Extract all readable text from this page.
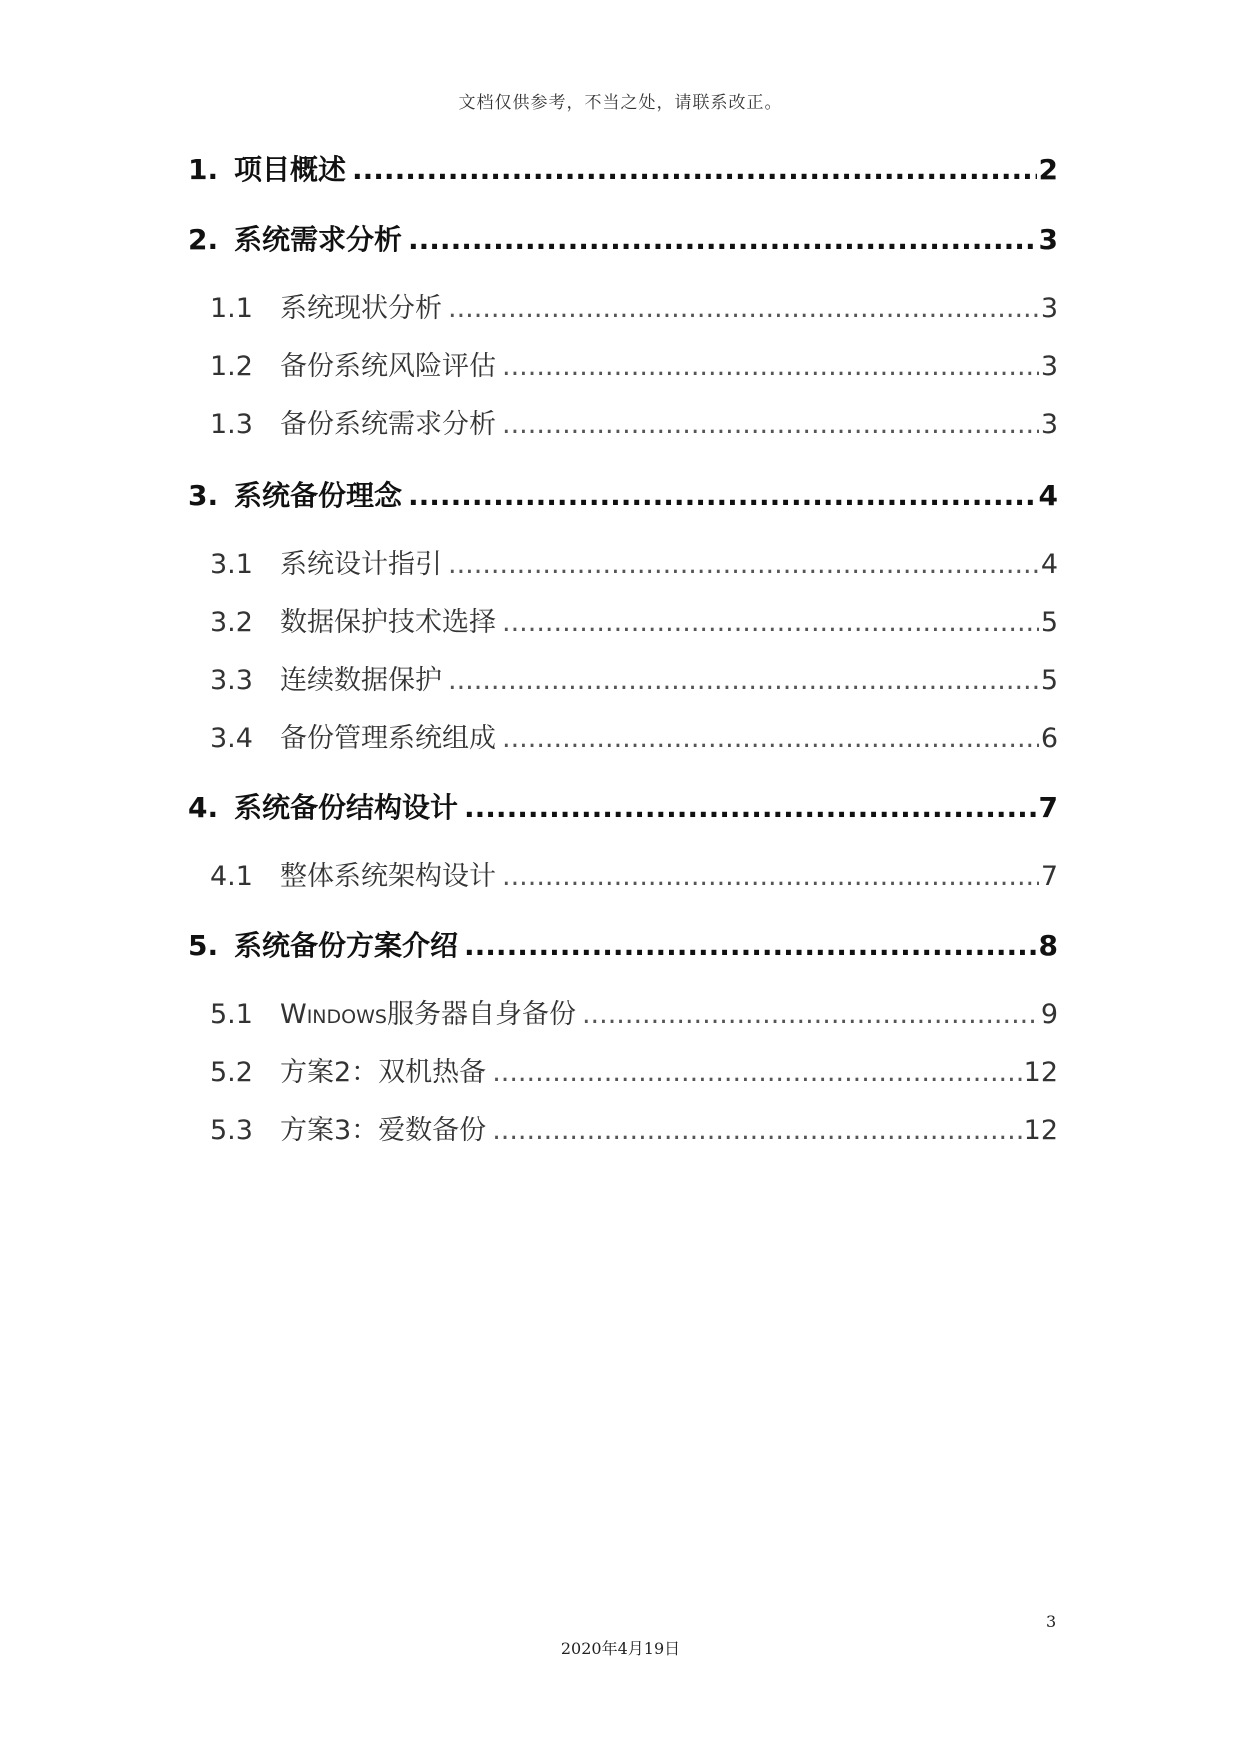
文档仅供参考，不当之处，请联系改正。
1. 项目概述 .....	2
2. 系统需求分析 .....	3
1.1	系统现状分析 .....	3
1.2	备份系统风险评估 .....	3
1.3	备份系统需求分析 .....	3
3. 系统备份理念 .....	4
3.1	系统设计指引 .....	4
3.2	数据保护技术选择 .....	5
3.3	连续数据保护 .....	5
3.4	备份管理系统组成 .....	6
4. 系统备份结构设计 .....	7
4.1	整体系统架构设计 .....	7
5. 系统备份方案介绍 .....	8
5.1	Windows服务器自身备份 .....	9
5.2	方案2：双机热备 .....	12
5.3	方案3：爱数备份 .....	12
3
2020年4月19日
